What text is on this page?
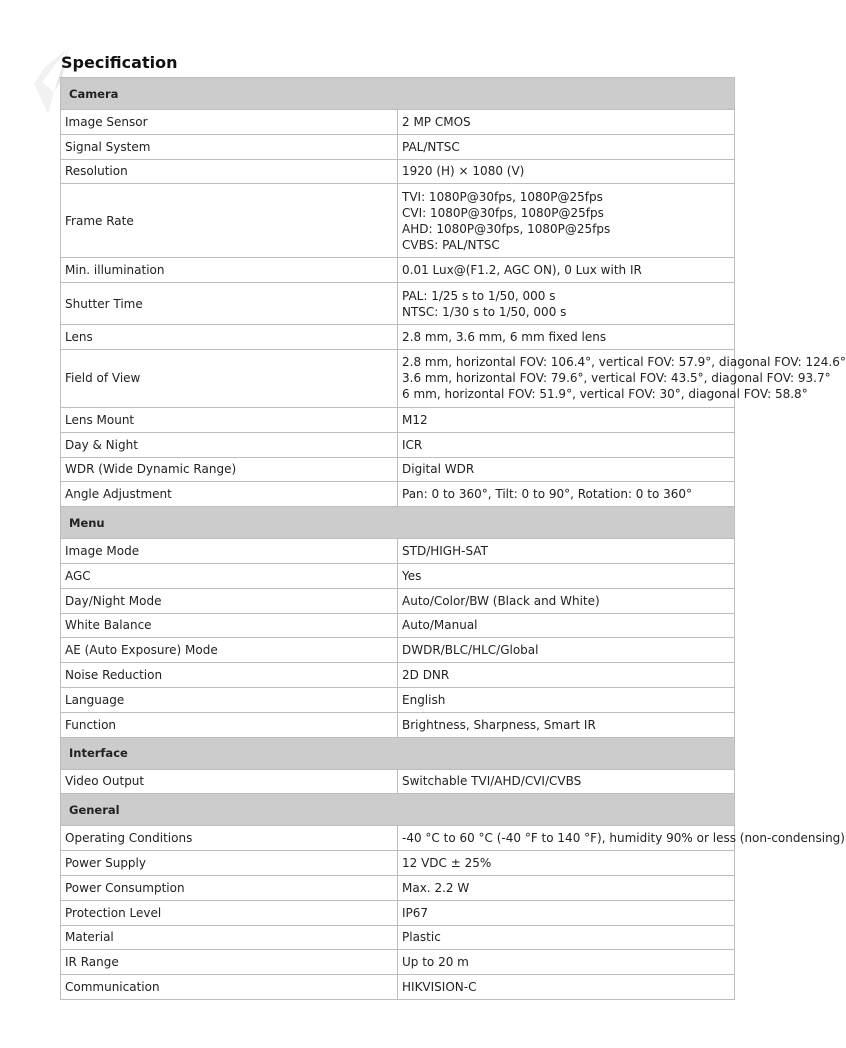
Specification
Camera	
Image Sensor	2 MP CMOS

Signal System	PAL/NTSC

Resolution	1920 (H) × 1080 (V)

Frame Rate	TVI: 1080P@30fps, 1080P@25fps
CVI: 1080P@30fps, 1080P@25fps
AHD: 1080P@30fps, 1080P@25fps
CVBS: PAL/NTSC

Min. illumination	0.01 Lux@(F1.2, AGC ON), 0 Lux with IR

Shutter Time	PAL: 1/25 s to 1/50, 000 s
NTSC: 1/30 s to 1/50, 000 s

Lens	2.8 mm, 3.6 mm, 6 mm fixed lens

Field of View	2.8 mm, horizontal FOV: 106.4°, vertical FOV: 57.9°, diagonal FOV: 124.6°
3.6 mm, horizontal FOV: 79.6°, vertical FOV: 43.5°, diagonal FOV: 93.7°
6 mm, horizontal FOV: 51.9°, vertical FOV: 30°, diagonal FOV: 58.8°

Lens Mount	M12

Day & Night	ICR

WDR (Wide Dynamic Range)	Digital WDR

Angle Adjustment	Pan: 0 to 360°, Tilt: 0 to 90°, Rotation: 0 to 360°

Menu	
Image Mode	STD/HIGH-SAT

AGC	Yes

Day/Night Mode	Auto/Color/BW (Black and White)

White Balance	Auto/Manual

AE (Auto Exposure) Mode	DWDR/BLC/HLC/Global

Noise Reduction	2D DNR

Language	English

Function	Brightness, Sharpness, Smart IR

Interface	
Video Output	Switchable TVI/AHD/CVI/CVBS

General	
Operating Conditions	-40 °C to 60 °C (-40 °F to 140 °F), humidity 90% or less (non-condensing)

Power Supply	12 VDC ± 25%

Power Consumption	Max. 2.2 W

Protection Level	IP67

Material	Plastic

IR Range	Up to 20 m

Communication	HIKVISION-C
